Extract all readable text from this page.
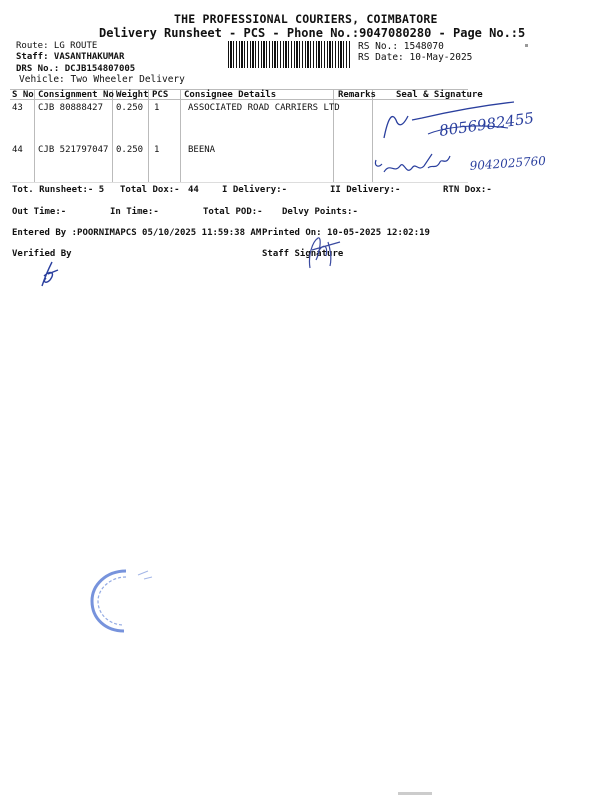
THE PROFESSIONAL COURIERS, COIMBATORE
Delivery Runsheet - PCS - Phone No.:9047080280 - Page No.:5
Route: LG ROUTE
Staff: VASANTHAKUMAR
DRS No.: DCJB154807005
Vehicle: Two Wheeler Delivery
RS No.: 1548070
RS Date: 10-May-2025
S No Consignment No Weight PCS Consignee Details	Remarks Seal & Signature
43 CJB 80888427 0.250 1	ASSOCIATED ROAD CARRIERS LTD
44 CJB 521797047 0.250 1	BEENA
8056982455
9042025760
Tot. Runsheet:- 5 Total Dox:- 44	I Delivery:-	II Delivery:-	RTN Dox:-
Out Time:-	In Time:-	Total POD:- Delvy Points:-
Entered By :POORNIMAPCS 05/10/2025 11:59:38 AM Printed On: 10-05-2025 12:02:19
Verified By	Staff Signature
